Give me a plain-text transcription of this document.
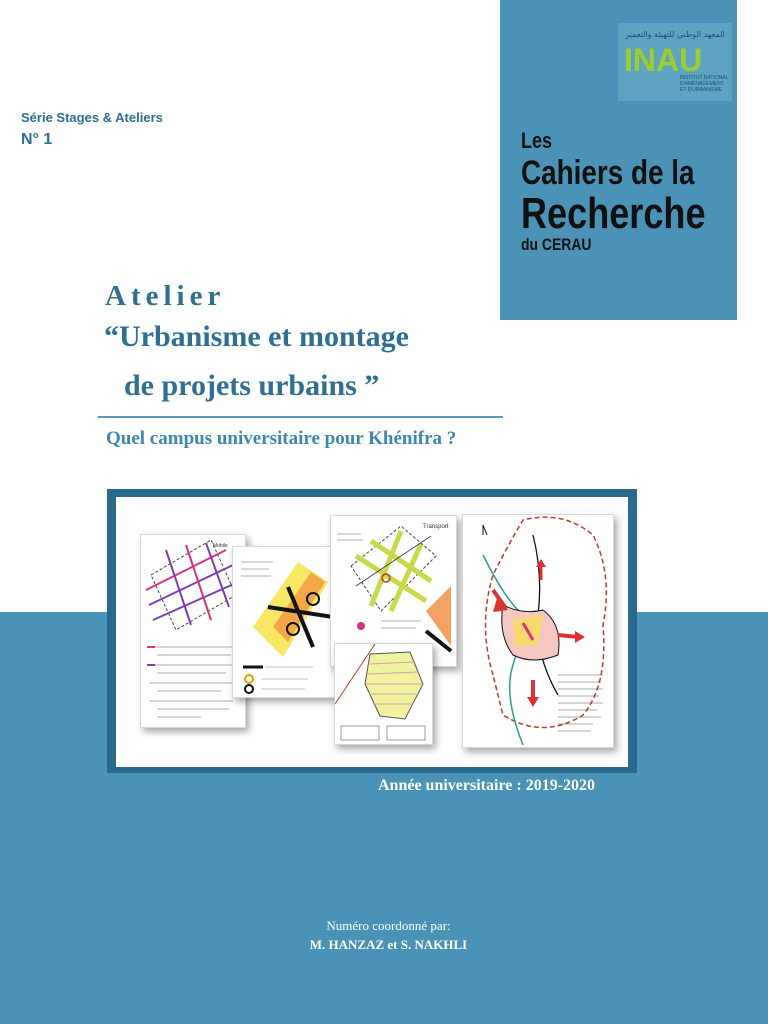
المعهد الوطني للتهيئة والتعمير
INAU
INSTITUT NATIONAL
D'AMÉNAGEMENT
ET D'URBANISME
Série Stages & Ateliers
N° 1	Les
Cahiers de la
Recherche
du CERAU
Atelier
“Urbanisme et montage
de projets urbains ”
Quel campus universitaire pour Khénifra ?
Mobile
Transport
Année universitaire : 2019-2020
Numéro coordonné par:
M. HANZAZ et S. NAKHLI
